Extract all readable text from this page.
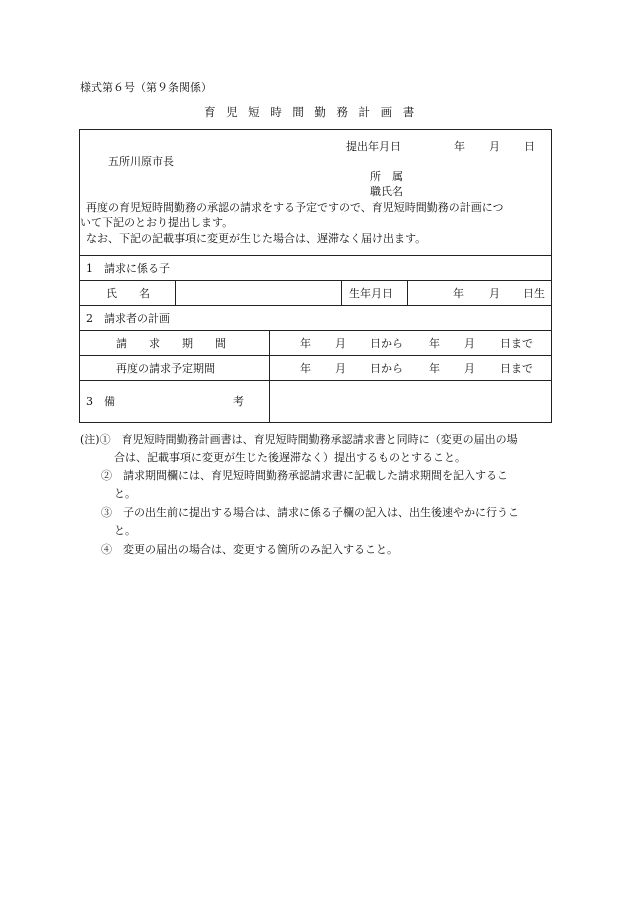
様式第６号（第９条関係）
育児短時間勤務計画書
提出年月日	年 月 日
五所川原市長
所　属
職氏名
再度の育児短時間勤務の承認の請求をする予定ですので、育児短時間勤務の計画につ
いて下記のとおり提出します。
なお、下記の記載事項に変更が生じた場合は、遅滞なく届け出ます。
1　請求に係る子
氏　　名	生年月日	年 月 日生
2　請求者の計画
請　　求　　期　　間	年 月 日から 年 月 日まで
再度の請求予定期間	年 月 日から 年 月 日まで
3　備	考
(注)①　育児短時間勤務計画書は、育児短時間勤務承認請求書と同時に（変更の届出の場
合は、記載事項に変更が生じた後遅滞なく）提出するものとすること。
②　請求期間欄には、育児短時間勤務承認請求書に記載した請求期間を記入するこ
と。
③　子の出生前に提出する場合は、請求に係る子欄の記入は、出生後速やかに行うこ
と。
④　変更の届出の場合は、変更する箇所のみ記入すること。
